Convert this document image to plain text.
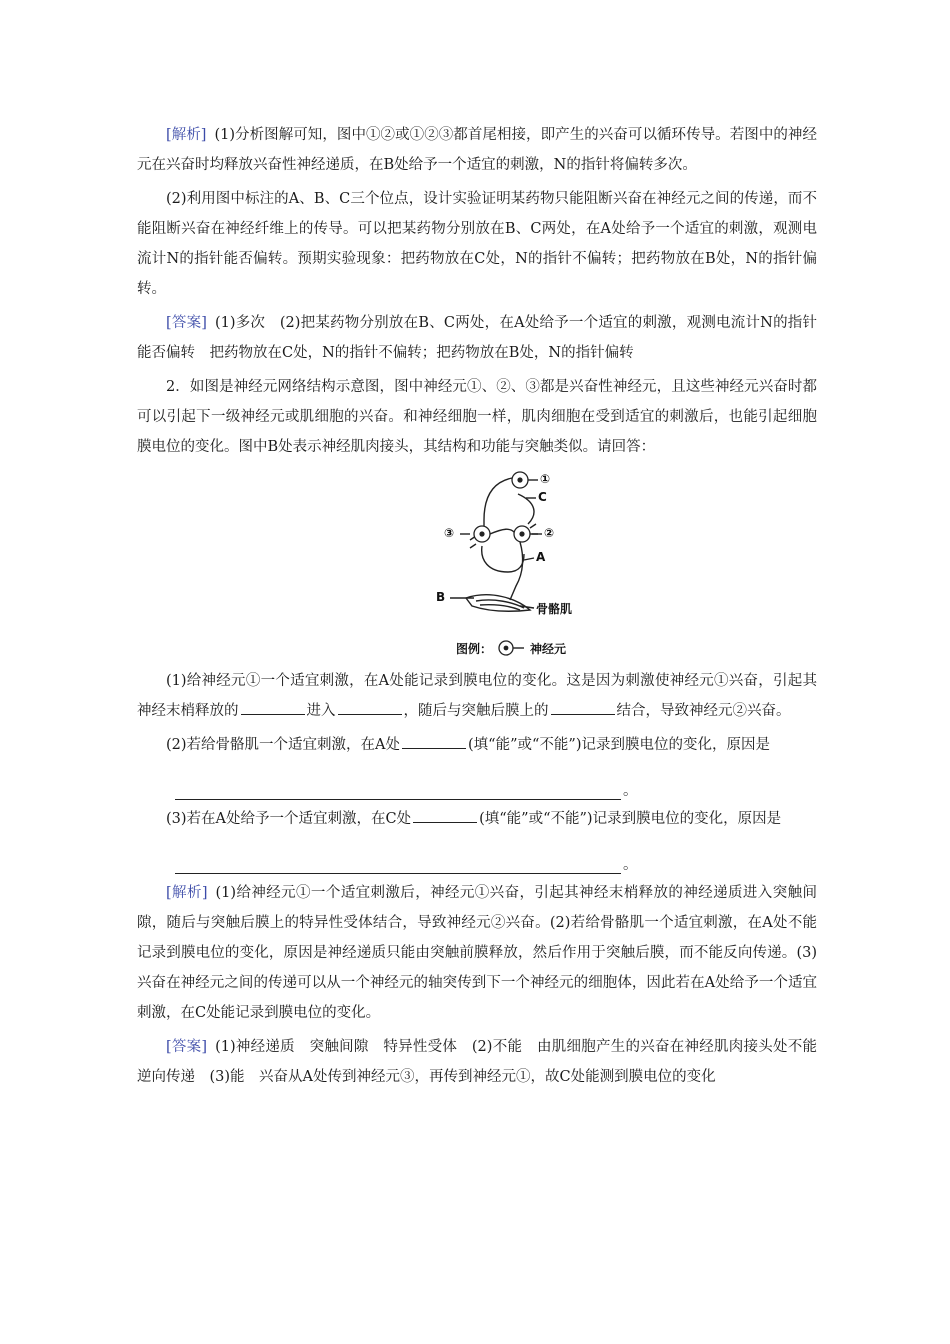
[解析] (1)分析图解可知，图中①②或①②③都首尾相接，即产生的兴奋可以循环传导。若图中的神经元在兴奋时均释放兴奋性神经递质，在B处给予一个适宜的刺激，N的指针将偏转多次。

(2)利用图中标注的A、B、C三个位点，设计实验证明某药物只能阻断兴奋在神经元之间的传递，而不能阻断兴奋在神经纤维上的传导。可以把某药物分别放在B、C两处，在A处给予一个适宜的刺激，观测电流计N的指针能否偏转。预期实验现象：把药物放在C处，N的指针不偏转；把药物放在B处，N的指针偏转。

[答案] (1)多次　(2)把某药物分别放在B、C两处，在A处给予一个适宜的刺激，观测电流计N的指针能否偏转　把药物放在C处，N的指针不偏转；把药物放在B处，N的指针偏转

2．如图是神经元网络结构示意图，图中神经元①、②、③都是兴奋性神经元，且这些神经元兴奋时都可以引起下一级神经元或肌细胞的兴奋。和神经细胞一样，肌肉细胞在受到适宜的刺激后，也能引起细胞膜电位的变化。图中B处表示神经肌肉接头，其结构和功能与突触类似。请回答：

①
C
③	②
A
B
骨骼肌
图例：	神经元

(1)给神经元①一个适宜刺激，在A处能记录到膜电位的变化。这是因为刺激使神经元①兴奋，引起其神经末梢释放的	进入	，随后与突触后膜上的	结合，导致神经元②兴奋。

(2)若给骨骼肌一个适宜刺激，在A处	(填“能”或“不能”)记录到膜电位的变化，原因是

。

(3)若在A处给予一个适宜刺激，在C处	(填“能”或“不能”)记录到膜电位的变化，原因是

。

[解析] (1)给神经元①一个适宜刺激后，神经元①兴奋，引起其神经末梢释放的神经递质进入突触间隙，随后与突触后膜上的特异性受体结合，导致神经元②兴奋。(2)若给骨骼肌一个适宜刺激，在A处不能记录到膜电位的变化，原因是神经递质只能由突触前膜释放，然后作用于突触后膜，而不能反向传递。(3)兴奋在神经元之间的传递可以从一个神经元的轴突传到下一个神经元的细胞体，因此若在A处给予一个适宜刺激，在C处能记录到膜电位的变化。

[答案] (1)神经递质　突触间隙　特异性受体　(2)不能　由肌细胞产生的兴奋在神经肌肉接头处不能逆向传递　(3)能　兴奋从A处传到神经元③，再传到神经元①，故C处能测到膜电位的变化
